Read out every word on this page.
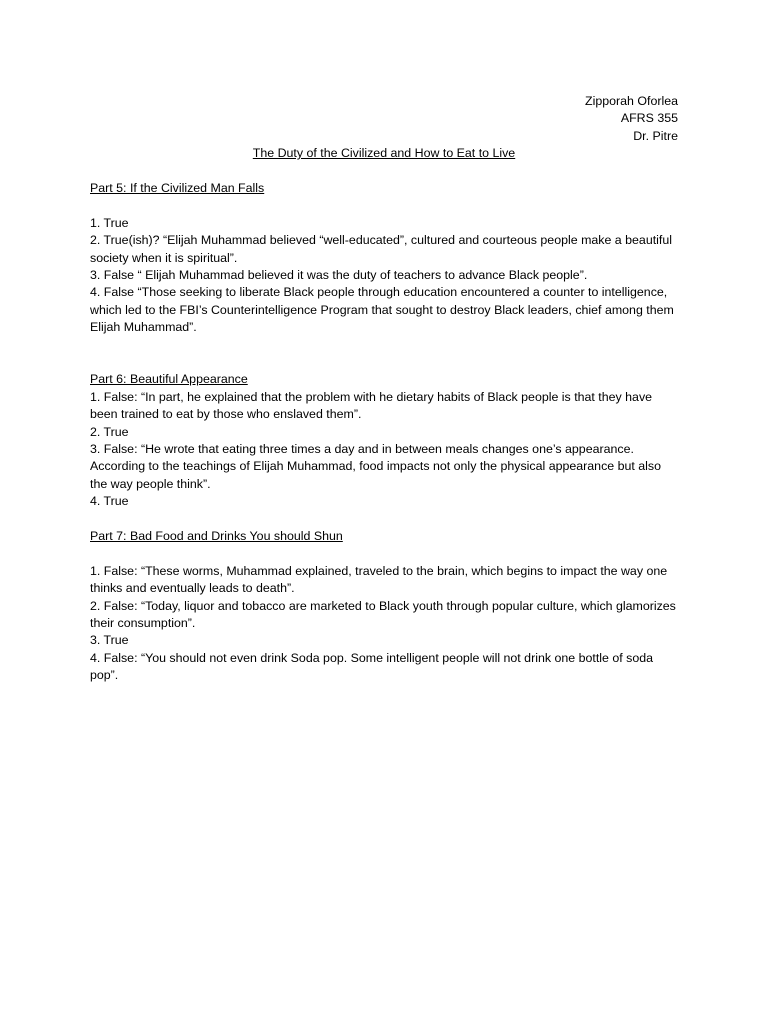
Zipporah Oforlea
AFRS 355
Dr. Pitre
The Duty of the Civilized and How to Eat to Live
Part 5: If the Civilized Man Falls

1. True

2. True(ish)? “Elijah Muhammad believed “well-educated”, cultured and courteous people make a beautiful society when it is spiritual”.

3. False “ Elijah Muhammad believed it was the duty of teachers to advance Black people”.

4. False “Those seeking to liberate Black people through education encountered a counter to intelligence, which led to the FBI’s Counterintelligence Program that sought to destroy Black leaders, chief among them Elijah Muhammad”.

Part 6: Beautiful Appearance

1. False: “In part, he explained that the problem with he dietary habits of Black people is that they have been trained to eat by those who enslaved them”.

2. True

3. False: “He wrote that eating three times a day and in between meals changes one’s appearance. According to the teachings of Elijah Muhammad, food impacts not only the physical appearance but also the way people think”.

4. True

Part 7: Bad Food and Drinks You should Shun

1. False: “These worms, Muhammad explained, traveled to the brain, which begins to impact the way one thinks and eventually leads to death”.

2. False: “Today, liquor and tobacco are marketed to Black youth through popular culture, which glamorizes their consumption”.

3. True

4. False: “You should not even drink Soda pop. Some intelligent people will not drink one bottle of soda pop”.
